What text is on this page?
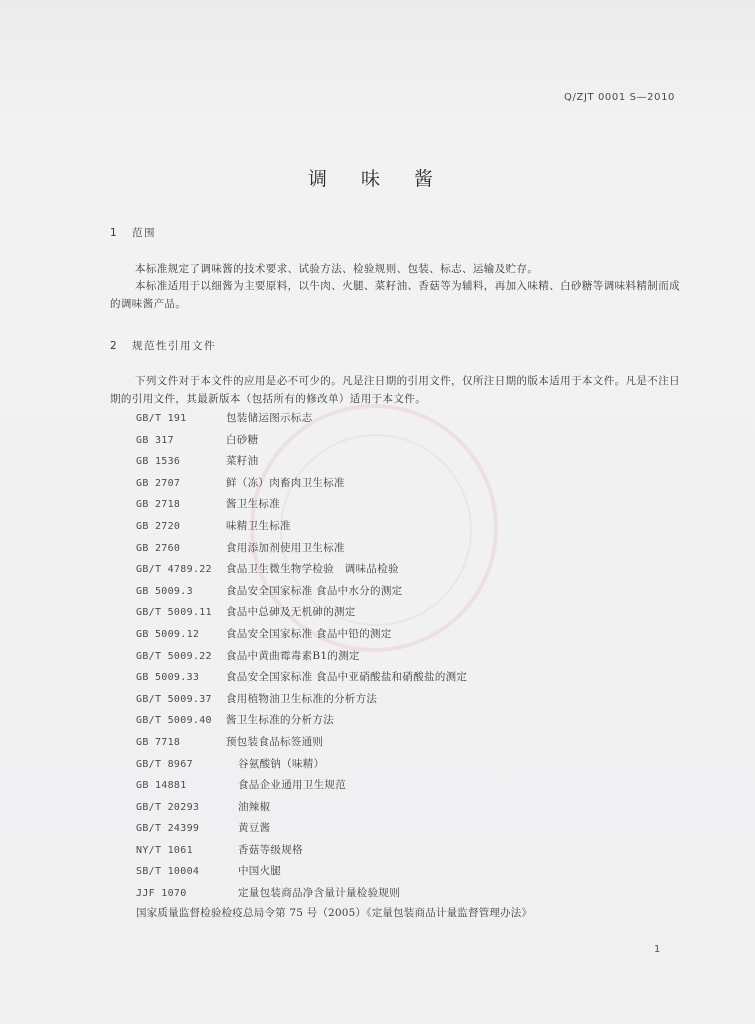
Q/ZJT 0001 S—2010
调 味 酱
1 范围
本标准规定了调味酱的技术要求、试验方法、检验规则、包装、标志、运输及贮存。
本标准适用于以细酱为主要原料，以牛肉、火腿、菜籽油、香菇等为辅料，再加入味精、白砂糖等调味料精制而成的调味酱产品。
2 规范性引用文件
下列文件对于本文件的应用是必不可少的。凡是注日期的引用文件，仅所注日期的版本适用于本文件。凡是不注日期的引用文件，其最新版本（包括所有的修改单）适用于本文件。
GB/T 191	包装储运图示标志
GB 317	白砂糖
GB 1536	菜籽油
GB 2707	鲜（冻）肉畜肉卫生标准
GB 2718	酱卫生标准
GB 2720	味精卫生标准
GB 2760	食用添加剂使用卫生标准
GB/T 4789.22	食品卫生微生物学检验　调味品检验
GB 5009.3	食品安全国家标准 食品中水分的测定
GB/T 5009.11	食品中总砷及无机砷的测定
GB 5009.12	食品安全国家标准 食品中铅的测定
GB/T 5009.22	食品中黄曲霉毒素B1的测定
GB 5009.33	食品安全国家标准 食品中亚硝酸盐和硝酸盐的测定
GB/T 5009.37	食用植物油卫生标准的分析方法
GB/T 5009.40	酱卫生标准的分析方法
GB 7718	预包装食品标签通则
GB/T 8967	谷氨酸钠（味精）
GB 14881	食品企业通用卫生规范
GB/T 20293	油辣椒
GB/T 24399	黄豆酱
NY/T 1061	香菇等级规格
SB/T 10004	中国火腿
JJF 1070	定量包装商品净含量计量检验规则
国家质量监督检验检疫总局令第 75 号（2005）《定量包装商品计量监督管理办法》
1
